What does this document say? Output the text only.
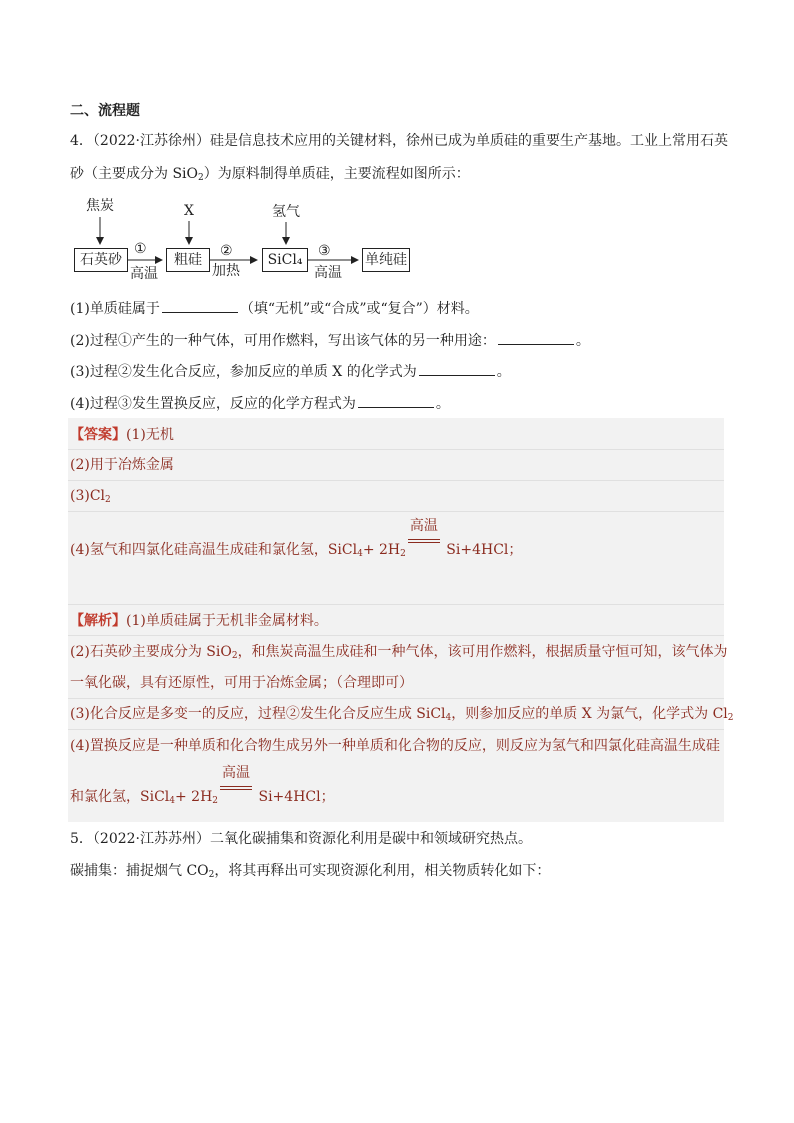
二、流程题
4．（2022·江苏徐州）硅是信息技术应用的关键材料，徐州已成为单质硅的重要生产基地。工业上常用石英
砂（主要成分为 SiO$_2$）为原料制得单质硅，主要流程如图所示：
焦炭	X	氢气
石英砂	粗硅	SiCl₄	单纯硅
①
高温
②
加热
③
高温
(1)单质硅属于	（填“无机”或“合成”或“复合”）材料。
(2)过程①产生的一种气体，可用作燃料，写出该气体的另一种用途：	。
(3)过程②发生化合反应，参加反应的单质 X 的化学式为	。
(4)过程③发生置换反应，反应的化学方程式为	。
【答案】(1)无机
(2)用于冶炼金属
$(3)Cl_2$
(4)氢气和四氯化硅高温生成硅和氯化氢，SiCl$_4$+ $2H_2$
高温
Si+4HCl；
【解析】(1)单质硅属于无机非金属材料。
(2)石英砂主要成分为 SiO$_2$，和焦炭高温生成硅和一种气体，该可用作燃料，根据质量守恒可知，该气体为
一氧化碳，具有还原性，可用于冶炼金属；（合理即可）
(3)化合反应是多变一的反应，过程②发生化合反应生成 SiCl$_4$，则参加反应的单质 X 为氯气，化学式为 $Cl_2$
(4)置换反应是一种单质和化合物生成另外一种单质和化合物的反应，则反应为氢气和四氯化硅高温生成硅
和氯化氢，SiCl$_4$+ $2H_2$
高温
Si+4HCl；
5．（2022·江苏苏州）二氧化碳捕集和资源化利用是碳中和领域研究热点。
碳捕集：捕捉烟气 $CO_2$，将其再释出可实现资源化利用，相关物质转化如下：
